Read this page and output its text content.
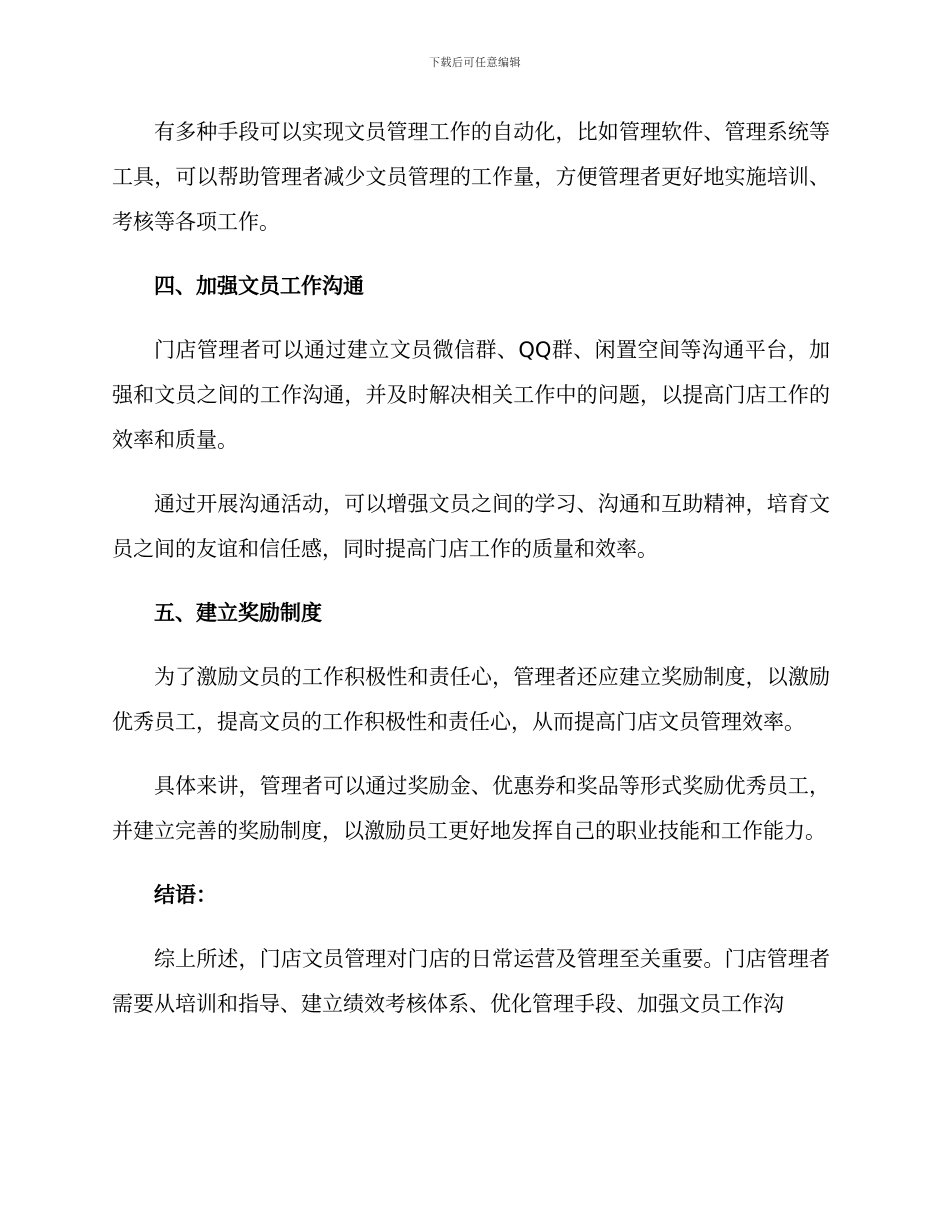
下载后可任意编辑

有多种手段可以实现文员管理工作的自动化，比如管理软件、管理系统等工具，可以帮助管理者减少文员管理的工作量，方便管理者更好地实施培训、考核等各项工作。

四、加强文员工作沟通

门店管理者可以通过建立文员微信群、QQ群、闲置空间等沟通平台，加强和文员之间的工作沟通，并及时解决相关工作中的问题，以提高门店工作的效率和质量。

通过开展沟通活动，可以增强文员之间的学习、沟通和互助精神，培育文员之间的友谊和信任感，同时提高门店工作的质量和效率。

五、建立奖励制度

为了激励文员的工作积极性和责任心，管理者还应建立奖励制度，以激励优秀员工，提高文员的工作积极性和责任心，从而提高门店文员管理效率。

具体来讲，管理者可以通过奖励金、优惠券和奖品等形式奖励优秀员工，并建立完善的奖励制度，以激励员工更好地发挥自己的职业技能和工作能力。

结语：

综上所述，门店文员管理对门店的日常运营及管理至关重要。门店管理者需要从培训和指导、建立绩效考核体系、优化管理手段、加强文员工作沟
